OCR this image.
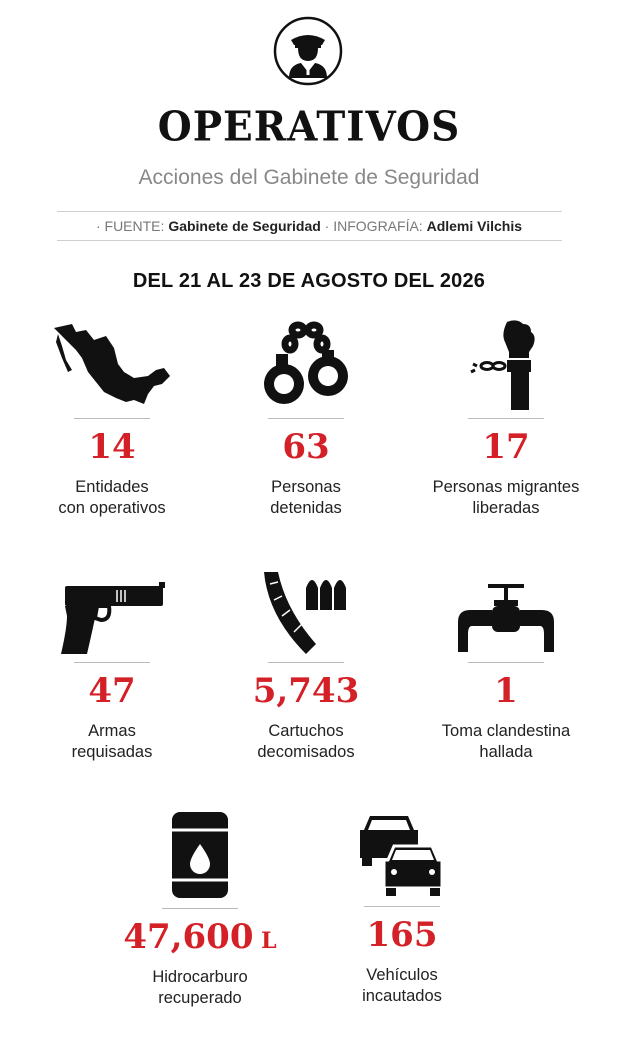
OPERATIVOS
Acciones del Gabinete de Seguridad
· FUENTE: Gabinete de Seguridad · INFOGRAFÍA: Adlemi Vilchis
DEL 21 AL 23 DE AGOSTO DEL 2026
14
Entidades
con operativos
63
Personas
detenidas
17
Personas migrantes
liberadas
47
Armas
requisadas
5,743
Cartuchos
decomisados
1
Toma clandestina
hallada
47,600 L
Hidrocarburo
recuperado
165
Vehículos
incautados
